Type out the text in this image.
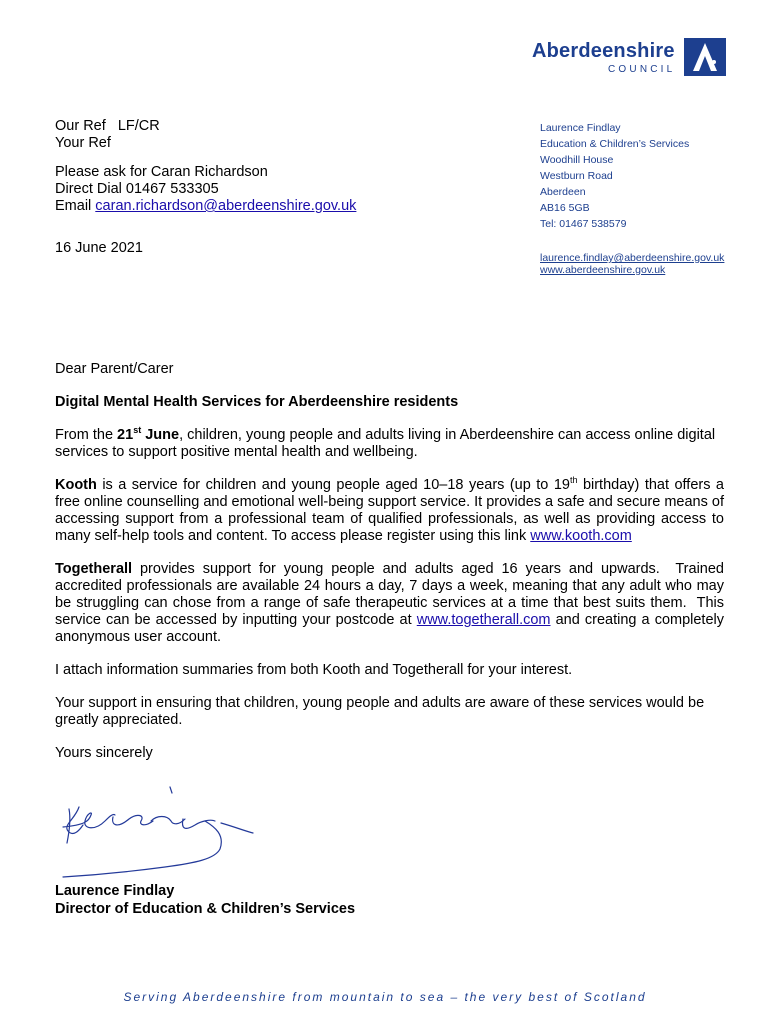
Aberdeenshire
COUNCIL
Our Ref   LF/CR
Your Ref
Please ask for Caran Richardson
Direct Dial 01467 533305
Email caran.richardson@aberdeenshire.gov.uk
16 June 2021
Laurence Findlay
Education & Children’s Services
Woodhill House
Westburn Road
Aberdeen
AB16 5GB
Tel: 01467 538579
laurence.findlay@aberdeenshire.gov.uk
www.aberdeenshire.gov.uk

Dear Parent/Carer

Digital Mental Health Services for Aberdeenshire residents

From the 21st June, children, young people and adults living in Aberdeenshire can access online digital services to support positive mental health and wellbeing.

Kooth is a service for children and young people aged 10–18 years (up to 19th birthday) that offers a free online counselling and emotional well-being support service. It provides a safe and secure means of accessing support from a professional team of qualified professionals, as well as providing access to many self-help tools and content. To access please register using this link www.kooth.com

Togetherall provides support for young people and adults aged 16 years and upwards.  Trained accredited professionals are available 24 hours a day, 7 days a week, meaning that any adult who may be struggling can chose from a range of safe therapeutic services at a time that best suits them.  This service can be accessed by inputting your postcode at www.togetherall.com and creating a completely anonymous user account.

I attach information summaries from both Kooth and Togetherall for your interest.

Your support in ensuring that children, young people and adults are aware of these services would be greatly appreciated.

Yours sincerely

Laurence Findlay
Director of Education & Children’s Services
Serving Aberdeenshire from mountain to sea – the very best of Scotland
